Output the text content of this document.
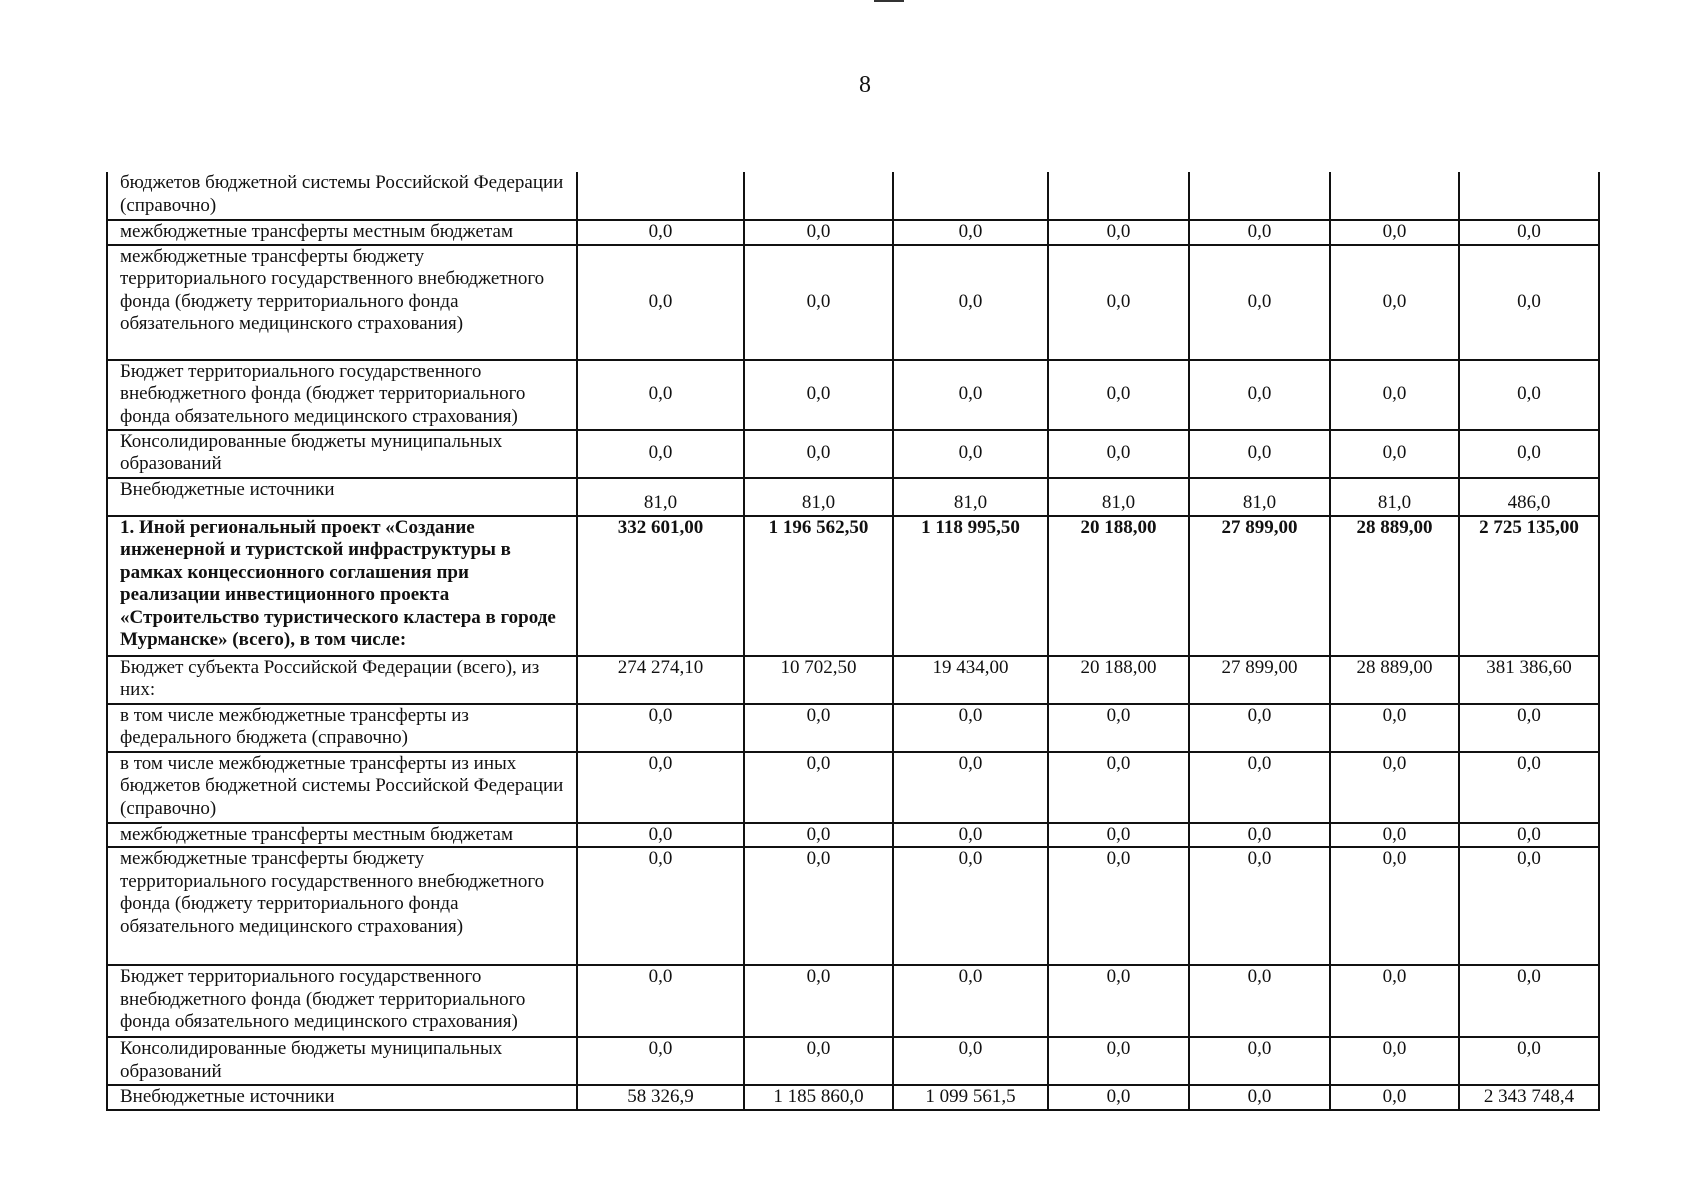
8
бюджетов бюджетной системы Российской Федерации (справочно)							
межбюджетные трансферты местным бюджетам	0,0	0,0	0,0	0,0	0,0	0,0	0,0
межбюджетные трансферты бюджету территориального государственного внебюджетного фонда (бюджету территориального фонда обязательного медицинского страхования)	0,0	0,0	0,0	0,0	0,0	0,0	0,0
Бюджет территориального государственного внебюджетного фонда (бюджет территориального фонда обязательного медицинского страхования)	0,0	0,0	0,0	0,0	0,0	0,0	0,0
Консолидированные бюджеты муниципальных образований	0,0	0,0	0,0	0,0	0,0	0,0	0,0
Внебюджетные источники	81,0	81,0	81,0	81,0	81,0	81,0	486,0
1. Иной региональный проект «Создание инженерной и туристской инфраструктуры в рамках концессионного соглашения при реализации инвестиционного проекта «Строительство туристического кластера в городе Мурманске» (всего), в том числе:	332 601,00	1 196 562,50	1 118 995,50	20 188,00	27 899,00	28 889,00	2 725 135,00
Бюджет субъекта Российской Федерации (всего), из них:	274 274,10	10 702,50	19 434,00	20 188,00	27 899,00	28 889,00	381 386,60
в том числе межбюджетные трансферты из федерального бюджета (справочно)	0,0	0,0	0,0	0,0	0,0	0,0	0,0
в том числе межбюджетные трансферты из иных бюджетов бюджетной системы Российской Федерации (справочно)	0,0	0,0	0,0	0,0	0,0	0,0	0,0
межбюджетные трансферты местным бюджетам	0,0	0,0	0,0	0,0	0,0	0,0	0,0
межбюджетные трансферты бюджету территориального государственного внебюджетного фонда (бюджету территориального фонда обязательного медицинского страхования)	0,0	0,0	0,0	0,0	0,0	0,0	0,0
Бюджет территориального государственного внебюджетного фонда (бюджет территориального фонда обязательного медицинского страхования)	0,0	0,0	0,0	0,0	0,0	0,0	0,0
Консолидированные бюджеты муниципальных образований	0,0	0,0	0,0	0,0	0,0	0,0	0,0
Внебюджетные источники	58 326,9	1 185 860,0	1 099 561,5	0,0	0,0	0,0	2 343 748,4
